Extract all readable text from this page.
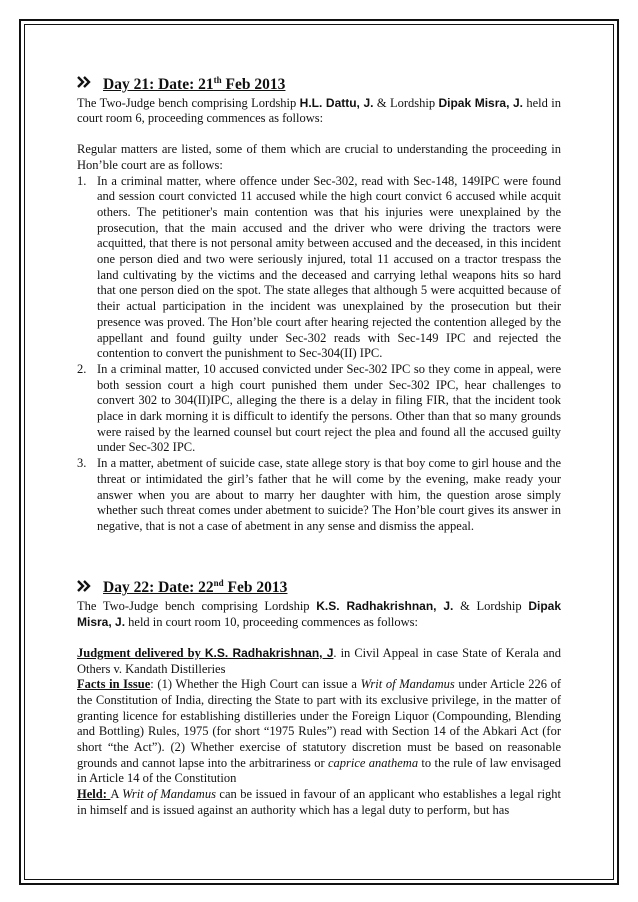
Day 21: Date: 21th Feb 2013

The Two-Judge bench comprising Lordship H.L. Dattu, J. & Lordship Dipak Misra, J. held in court room 6, proceeding commences as follows:

Regular matters are listed, some of them which are crucial to understanding the proceeding in Hon’ble court are as follows:

1. In a criminal matter, where offence under Sec-302, read with Sec-148, 149IPC were found and session court convicted 11 accused while the high court convict 6 accused while acquit others. The petitioner's main contention was that his injuries were unexplained by the prosecution, that the main accused and the driver who were driving the tractors were acquitted, that there is not personal amity between accused and the deceased, in this incident one person died and two were seriously injured, total 11 accused on a tractor trespass the land cultivating by the victims and the deceased and carrying lethal weapons hits so hard that one person died on the spot. The state alleges that although 5 were acquitted because of their actual participation in the incident was unexplained by the prosecution but their presence was proved. The Hon’ble court after hearing rejected the contention alleged by the appellant and found guilty under Sec-302 reads with Sec-149 IPC and rejected the contention to convert the punishment to Sec-304(II) IPC.
2. In a criminal matter, 10 accused convicted under Sec-302 IPC so they come in appeal, were both session court a high court punished them under Sec-302 IPC, hear challenges to convert 302 to 304(II)IPC, alleging the there is a delay in filing FIR, that the incident took place in dark morning it is difficult to identify the persons. Other than that so many grounds were raised by the learned counsel but court reject the plea and found all the accused guilty under Sec-302 IPC.
3. In a matter, abetment of suicide case, state allege story is that boy come to girl house and the threat or intimidated the girl’s father that he will come by the evening, make ready your answer when you are about to marry her daughter with him, the question arose simply whether such threat comes under abetment to suicide? The Hon’ble court gives its answer in negative, that is not a case of abetment in any sense and dismiss the appeal.
Day 22: Date: 22nd Feb 2013

The Two-Judge bench comprising Lordship K.S. Radhakrishnan, J. & Lordship Dipak Misra, J. held in court room 10, proceeding commences as follows:

Judgment delivered by K.S. Radhakrishnan, J. in Civil Appeal in case State of Kerala and Others v. Kandath Distilleries

Facts in Issue: (1) Whether the High Court can issue a Writ of Mandamus under Article 226 of the Constitution of India, directing the State to part with its exclusive privilege, in the matter of granting licence for establishing distilleries under the Foreign Liquor (Compounding, Blending and Bottling) Rules, 1975 (for short “1975 Rules”) read with Section 14 of the Abkari Act (for short “the Act”). (2) Whether exercise of statutory discretion must be based on reasonable grounds and cannot lapse into the arbitrariness or caprice anathema to the rule of law envisaged in Article 14 of the Constitution

Held: A Writ of Mandamus can be issued in favour of an applicant who establishes a legal right in himself and is issued against an authority which has a legal duty to perform, but has
